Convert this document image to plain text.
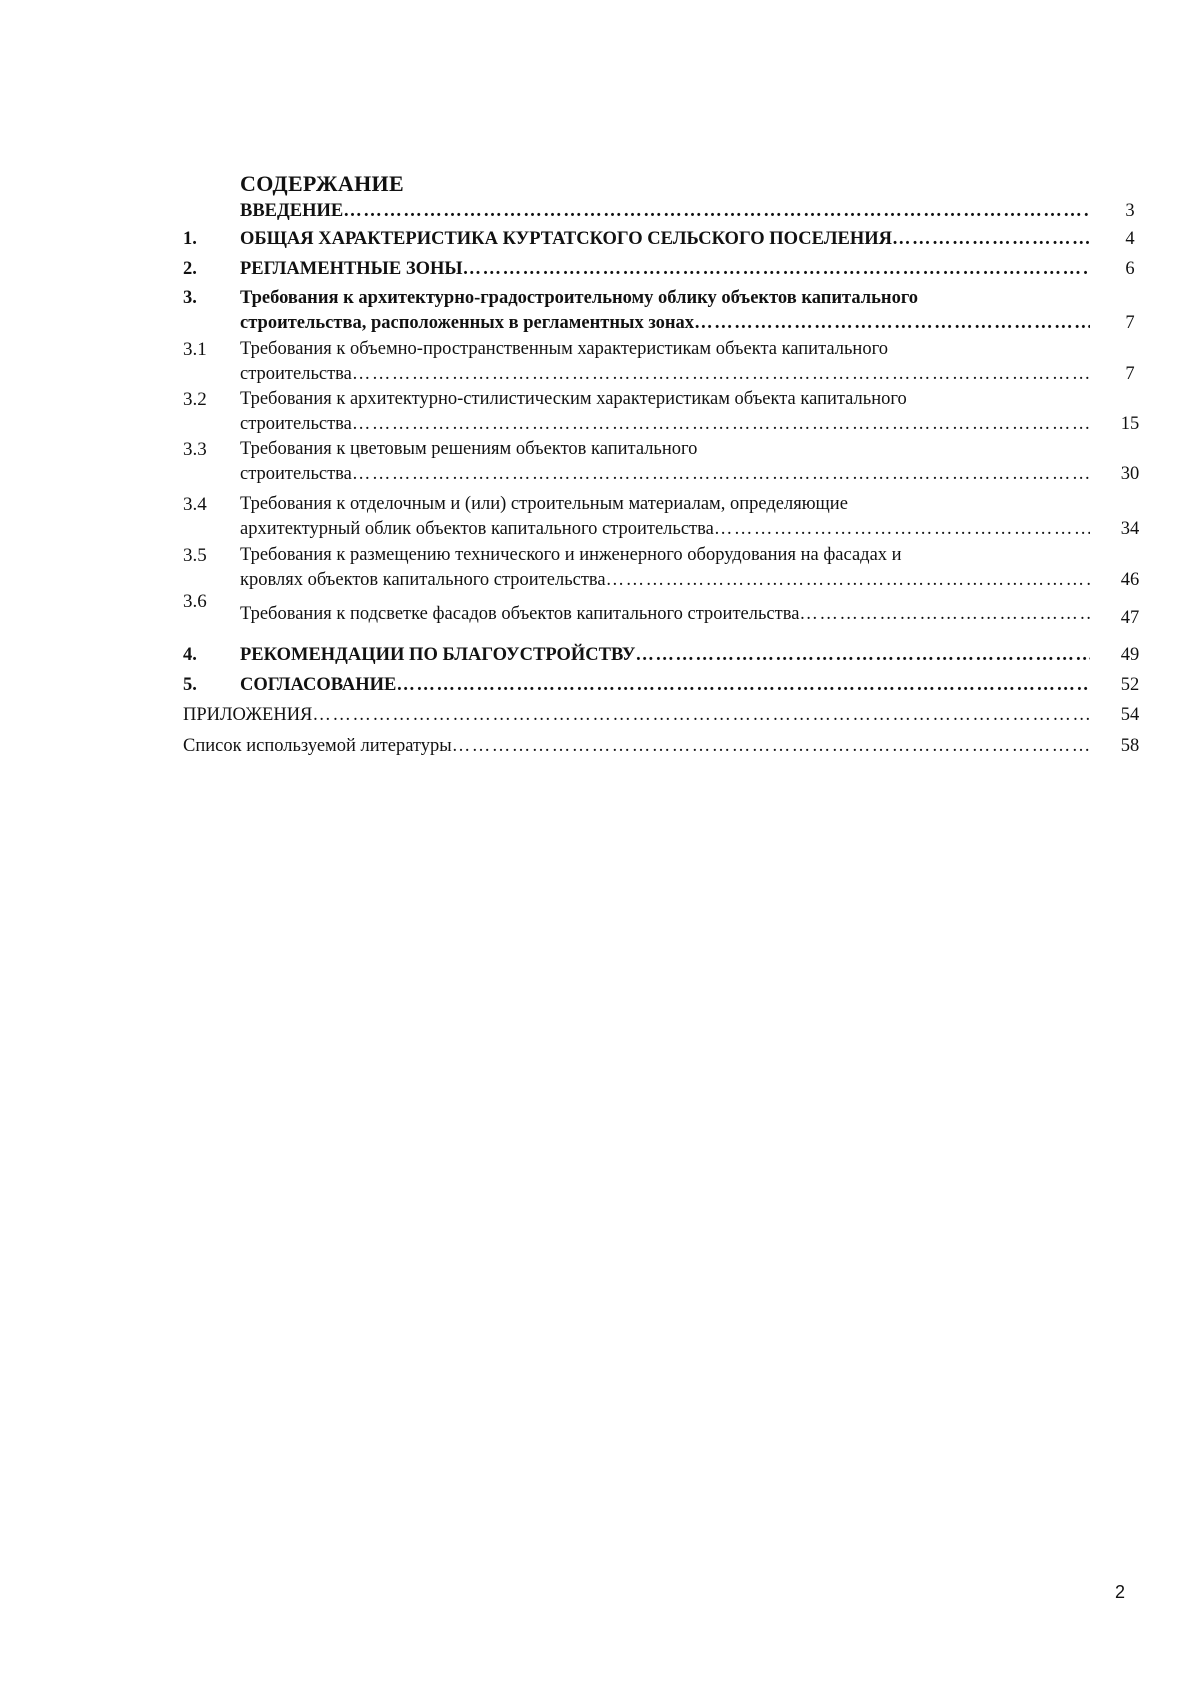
СОДЕРЖАНИЕ
ВВЕДЕНИЕ ……………………………………………………………………………………………………………………………………………………………………	3
1. ОБЩАЯ ХАРАКТЕРИСТИКА КУРТАТСКОГО СЕЛЬСКОГО ПОСЕЛЕНИЯ ……………………………………………………………………………………………………………………………………………………………………	4
2. РЕГЛАМЕНТНЫЕ ЗОНЫ ……………………………………………………………………………………………………………………………………………………………………	6
3. Требования к архитектурно-градостроительному облику объектов капитального
строительства, расположенных в регламентных зонах ……………………………………………………………………………………………………………………………………………………………………	7
3.1 Требования к объемно-пространственным характеристикам объекта капитального
строительства ……………………………………………………………………………………………………………………………………………………………………	7
3.2 Требования к архитектурно-стилистическим характеристикам объекта капитального
строительства ……………………………………………………………………………………………………………………………………………………………………	15
3.3 Требования к цветовым решениям объектов капитального
строительства ……………………………………………………………………………………………………………………………………………………………………	30
3.4 Требования к отделочным и (или) строительным материалам, определяющие
архитектурный облик объектов капитального строительства ……………………………………………………………………………………………………………………………………………………………………	34
3.5 Требования к размещению технического и инженерного оборудования на фасадах и
кровлях объектов капитального строительства ……………………………………………………………………………………………………………………………………………………………………	46
3.6
Требования к подсветке фасадов объектов капитального строительства ……………………………………………………………………………………………………………………………………………………………………	47
4. РЕКОМЕНДАЦИИ ПО БЛАГОУСТРОЙСТВУ ……………………………………………………………………………………………………………………………………………………………………	49
5. СОГЛАСОВАНИЕ ……………………………………………………………………………………………………………………………………………………………………	52
ПРИЛОЖЕНИЯ ……………………………………………………………………………………………………………………………………………………………………	54
Список используемой литературы ……………………………………………………………………………………………………………………………………………………………………	58
2
